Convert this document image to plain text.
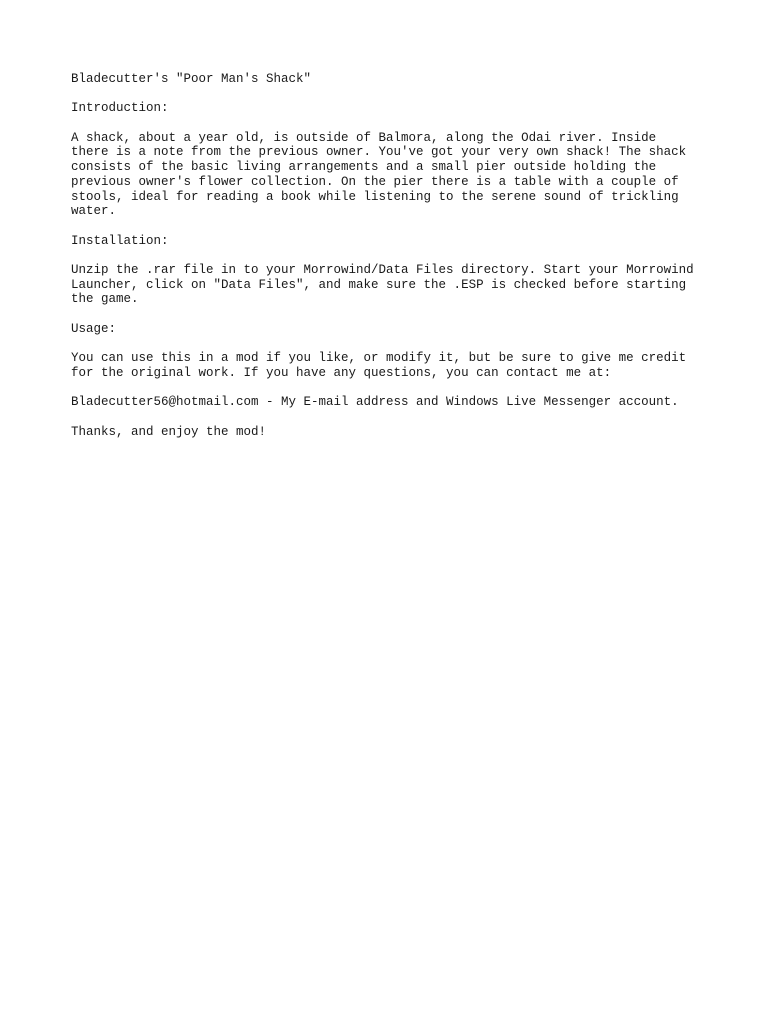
Bladecutter's "Poor Man's Shack"

Introduction:

A shack, about a year old, is outside of Balmora, along the Odai river. Inside
there is a note from the previous owner. You've got your very own shack! The shack
consists of the basic living arrangements and a small pier outside holding the
previous owner's flower collection. On the pier there is a table with a couple of
stools, ideal for reading a book while listening to the serene sound of trickling
water.

Installation:

Unzip the .rar file in to your Morrowind/Data Files directory. Start your Morrowind
Launcher, click on "Data Files", and make sure the .ESP is checked before starting
the game.

Usage:

You can use this in a mod if you like, or modify it, but be sure to give me credit
for the original work. If you have any questions, you can contact me at:

Bladecutter56@hotmail.com - My E-mail address and Windows Live Messenger account.

Thanks, and enjoy the mod!
